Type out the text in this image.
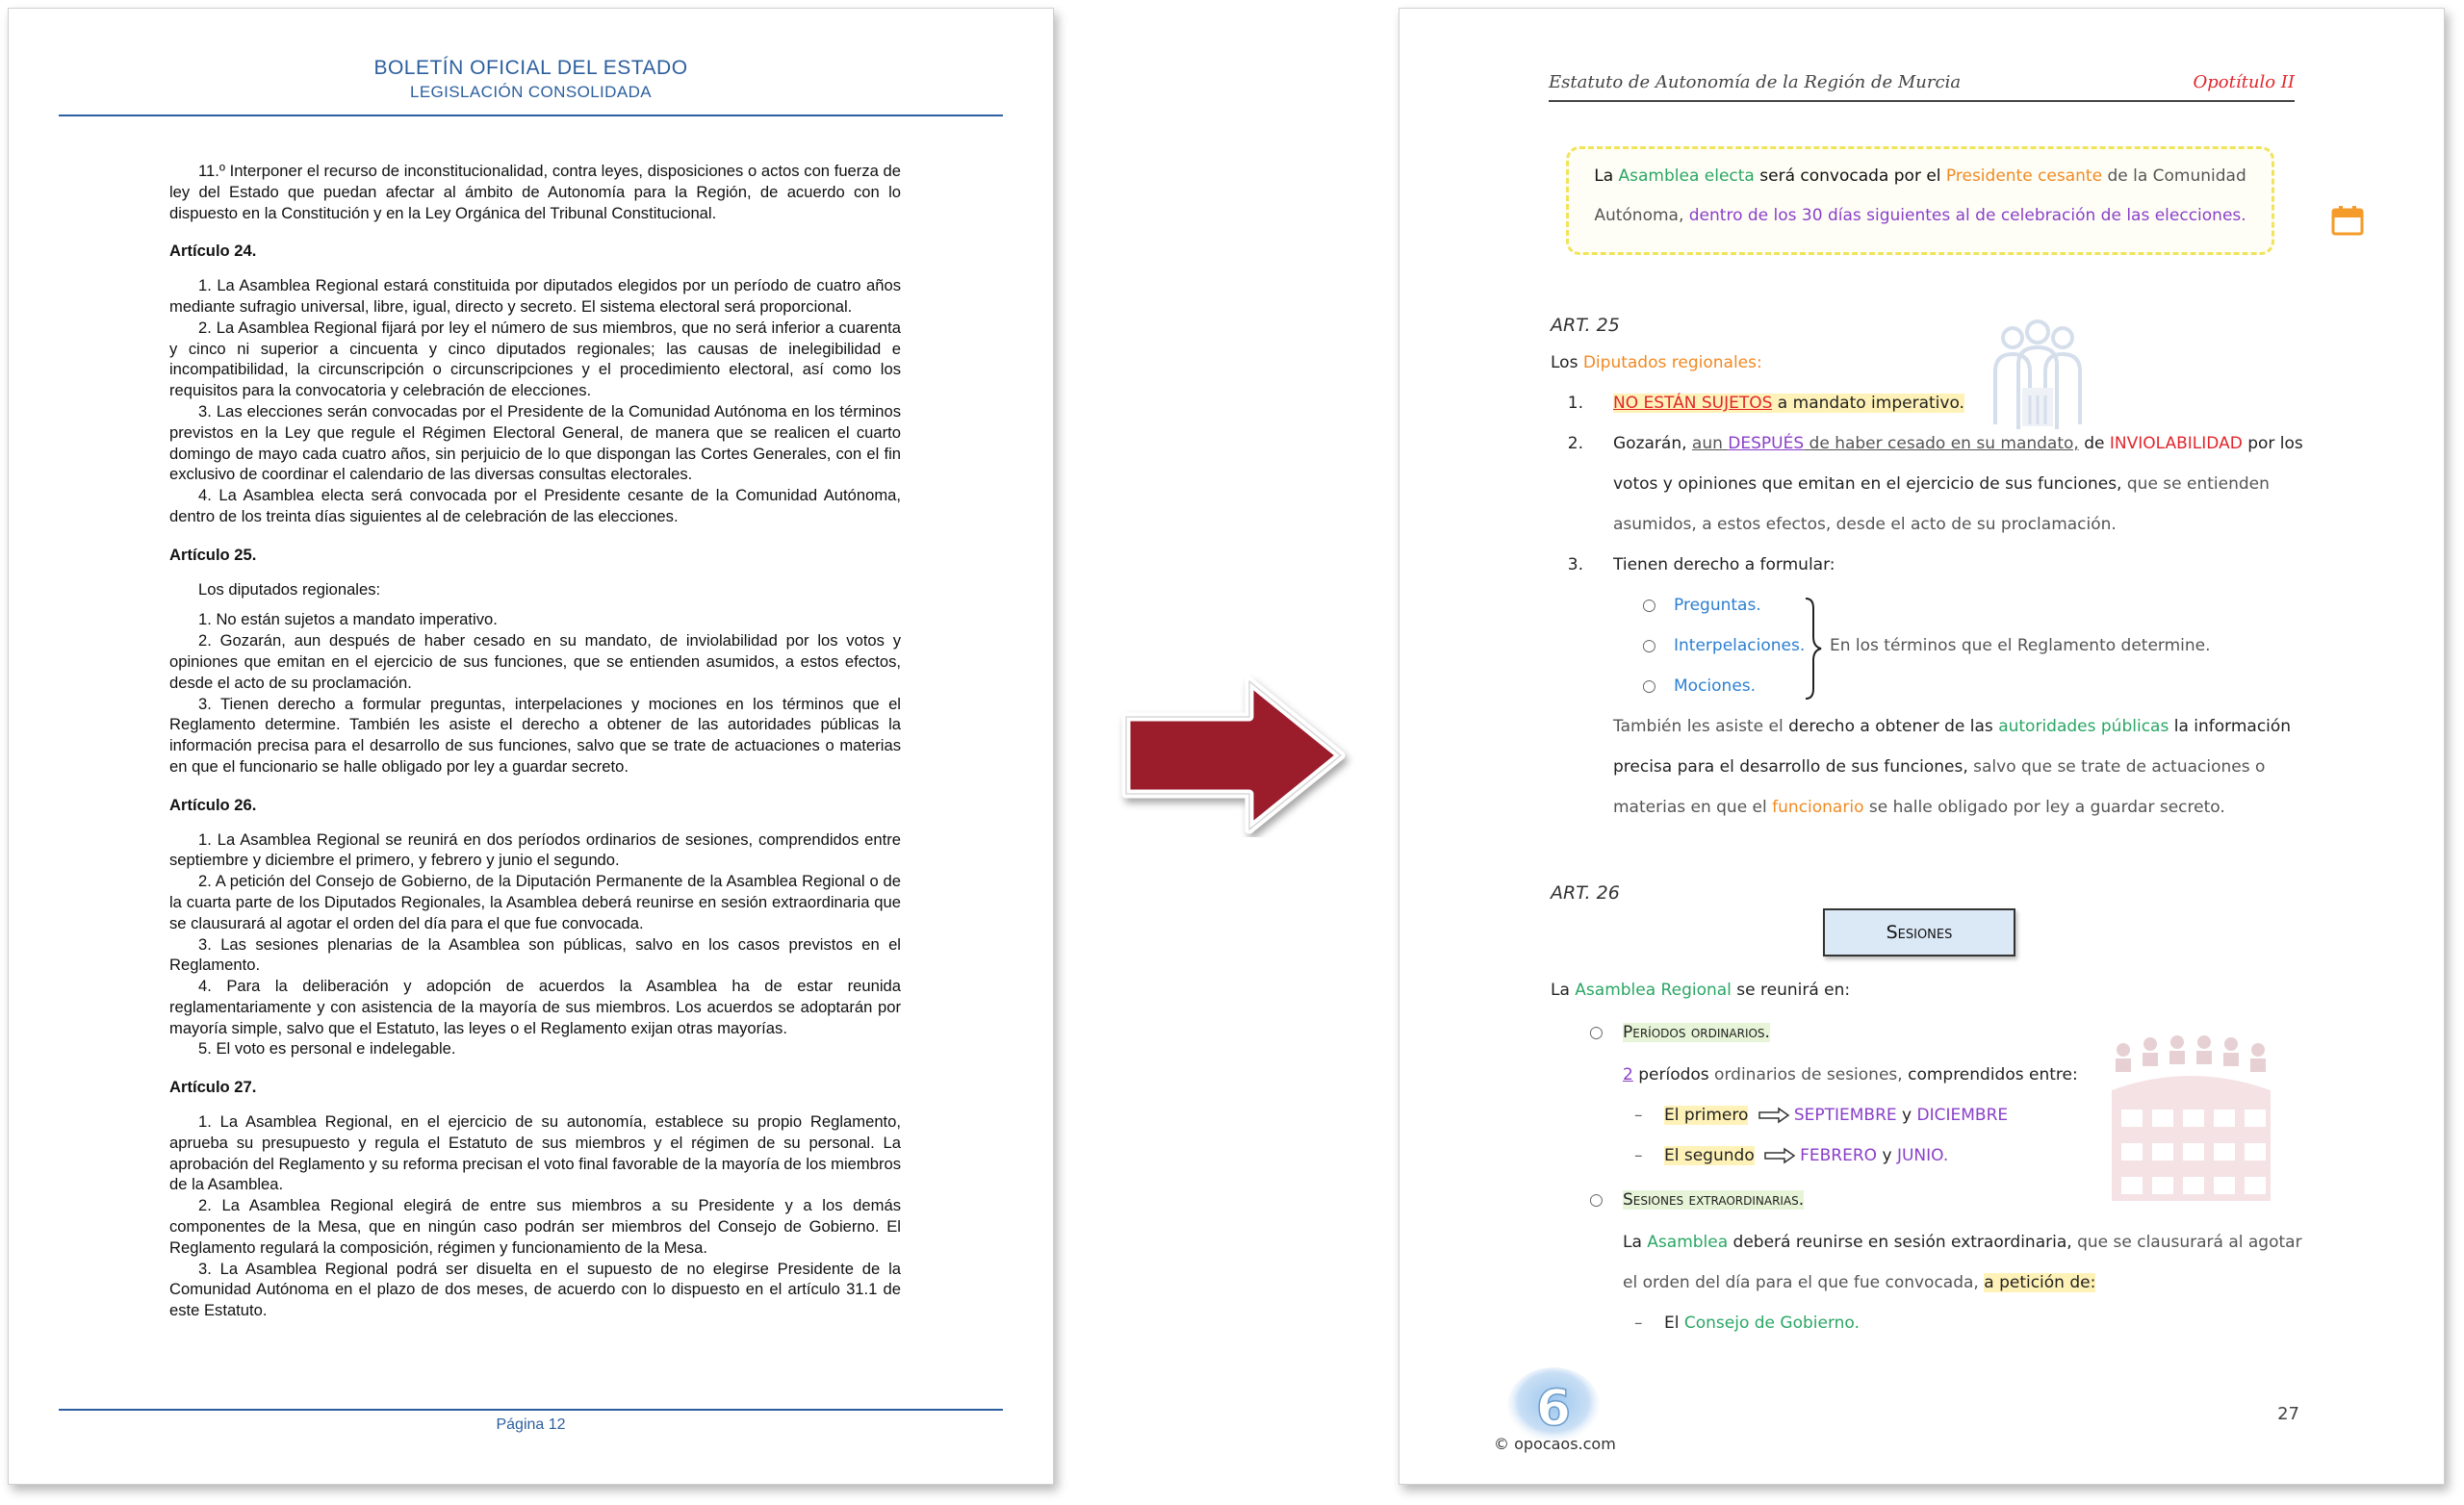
BOLETÍN OFICIAL DEL ESTADO
LEGISLACIÓN CONSOLIDADA

11.º Interponer el recurso de inconstitucionalidad, contra leyes, disposiciones o actos con fuerza de ley del Estado que puedan afectar al ámbito de Autonomía para la Región, de acuerdo con lo dispuesto en la Constitución y en la Ley Orgánica del Tribunal Constitucional.

Artículo 24.

1. La Asamblea Regional estará constituida por diputados elegidos por un período de cuatro años mediante sufragio universal, libre, igual, directo y secreto. El sistema electoral será proporcional.

2. La Asamblea Regional fijará por ley el número de sus miembros, que no será inferior a cuarenta y cinco ni superior a cincuenta y cinco diputados regionales; las causas de inelegibilidad e incompatibilidad, la circunscripción o circunscripciones y el procedimiento electoral, así como los requisitos para la convocatoria y celebración de elecciones.

3. Las elecciones serán convocadas por el Presidente de la Comunidad Autónoma en los términos previstos en la Ley que regule el Régimen Electoral General, de manera que se realicen el cuarto domingo de mayo cada cuatro años, sin perjuicio de lo que dispongan las Cortes Generales, con el fin exclusivo de coordinar el calendario de las diversas consultas electorales.

4. La Asamblea electa será convocada por el Presidente cesante de la Comunidad Autónoma, dentro de los treinta días siguientes al de celebración de las elecciones.

Artículo 25.

Los diputados regionales:

1. No están sujetos a mandato imperativo.

2. Gozarán, aun después de haber cesado en su mandato, de inviolabilidad por los votos y opiniones que emitan en el ejercicio de sus funciones, que se entienden asumidos, a estos efectos, desde el acto de su proclamación.

3. Tienen derecho a formular preguntas, interpelaciones y mociones en los términos que el Reglamento determine. También les asiste el derecho a obtener de las autoridades públicas la información precisa para el desarrollo de sus funciones, salvo que se trate de actuaciones o materias en que el funcionario se halle obligado por ley a guardar secreto.

Artículo 26.

1. La Asamblea Regional se reunirá en dos períodos ordinarios de sesiones, comprendidos entre septiembre y diciembre el primero, y febrero y junio el segundo.

2. A petición del Consejo de Gobierno, de la Diputación Permanente de la Asamblea Regional o de la cuarta parte de los Diputados Regionales, la Asamblea deberá reunirse en sesión extraordinaria que se clausurará al agotar el orden del día para el que fue convocada.

3. Las sesiones plenarias de la Asamblea son públicas, salvo en los casos previstos en el Reglamento.

4. Para la deliberación y adopción de acuerdos la Asamblea ha de estar reunida reglamentariamente y con asistencia de la mayoría de sus miembros. Los acuerdos se adoptarán por mayoría simple, salvo que el Estatuto, las leyes o el Reglamento exijan otras mayorías.

5. El voto es personal e indelegable.

Artículo 27.

1. La Asamblea Regional, en el ejercicio de su autonomía, establece su propio Reglamento, aprueba su presupuesto y regula el Estatuto de sus miembros y el régimen de su personal. La aprobación del Reglamento y su reforma precisan el voto final favorable de la mayoría de los miembros de la Asamblea.

2. La Asamblea Regional elegirá de entre sus miembros a su Presidente y a los demás componentes de la Mesa, que en ningún caso podrán ser miembros del Consejo de Gobierno. El Reglamento regulará la composición, régimen y funcionamiento de la Mesa.

3. La Asamblea Regional podrá ser disuelta en el supuesto de no elegirse Presidente de la Comunidad Autónoma en el plazo de dos meses, de acuerdo con lo dispuesto en el artículo 31.1 de este Estatuto.

Página 12
Estatuto de Autonomía de la Región de Murcia	Opotítulo II
La Asamblea electa será convocada por el Presidente cesante de la Comunidad
Autónoma, dentro de los 30 días siguientes al de celebración de las elecciones.
ART. 25
Los Diputados regionales:
1. NO ESTÁN SUJETOS a mandato imperativo.
2. Gozarán, aun DESPUÉS de haber cesado en su mandato, de INVIOLABILIDAD por los
votos y opiniones que emitan en el ejercicio de sus funciones, que se entienden
asumidos, a estos efectos, desde el acto de su proclamación.
3. Tienen derecho a formular:
○ Preguntas.
○ Interpelaciones.
○ Mociones.
En los términos que el Reglamento determine.
También les asiste el derecho a obtener de las autoridades públicas la información
precisa para el desarrollo de sus funciones, salvo que se trate de actuaciones o
materias en que el funcionario se halle obligado por ley a guardar secreto.
ART. 26
Sesiones
La Asamblea Regional se reunirá en:
○ Períodos ordinarios.
2 períodos ordinarios de sesiones, comprendidos entre:
– El primero	SEPTIEMBRE y DICIEMBRE
– El segundo	FEBRERO y JUNIO.
○ Sesiones extraordinarias.
La Asamblea deberá reunirse en sesión extraordinaria, que se clausurará al agotar
el orden del día para el que fue convocada, a petición de:
– El Consejo de Gobierno.
6
© opocaos.com
27
